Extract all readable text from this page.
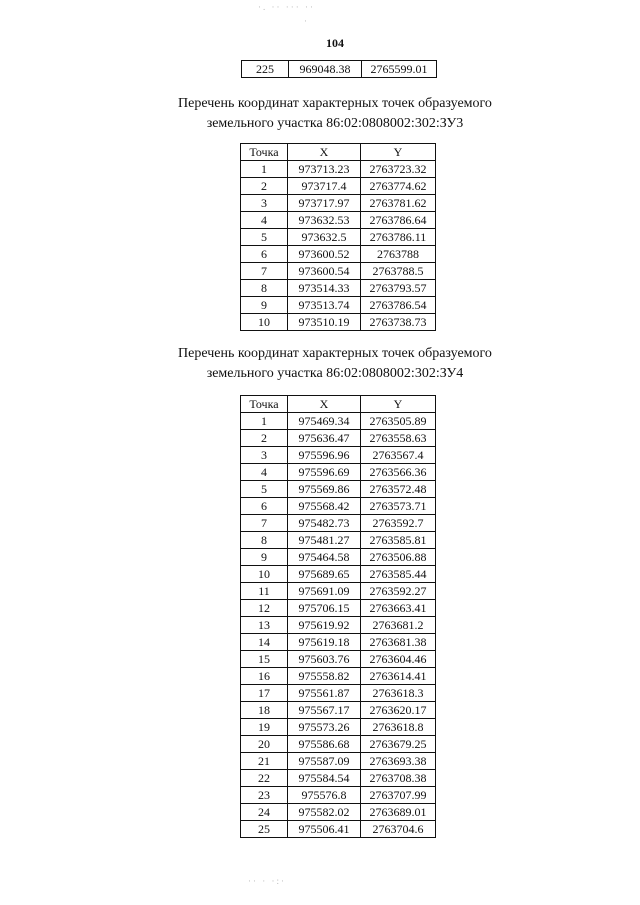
·. ·· ··· ··
·
104
225	969048.38	2765599.01
Перечень координат характерных точек образуемого
земельного участка 86:02:0808002:302:ЗУ3
Точка	X	Y
1	973713.23	2763723.32
2	973717.4	2763774.62
3	973717.97	2763781.62
4	973632.53	2763786.64
5	973632.5	2763786.11
6	973600.52	2763788
7	973600.54	2763788.5
8	973514.33	2763793.57
9	973513.74	2763786.54
10	973510.19	2763738.73
Перечень координат характерных точек образуемого
земельного участка 86:02:0808002:302:ЗУ4
Точка	X	Y
1	975469.34	2763505.89
2	975636.47	2763558.63
3	975596.96	2763567.4
4	975596.69	2763566.36
5	975569.86	2763572.48
6	975568.42	2763573.71
7	975482.73	2763592.7
8	975481.27	2763585.81
9	975464.58	2763506.88
10	975689.65	2763585.44
11	975691.09	2763592.27
12	975706.15	2763663.41
13	975619.92	2763681.2
14	975619.18	2763681.38
15	975603.76	2763604.46
16	975558.82	2763614.41
17	975561.87	2763618.3
18	975567.17	2763620.17
19	975573.26	2763618.8
20	975586.68	2763679.25
21	975587.09	2763693.38
22	975584.54	2763708.38
23	975576.8	2763707.99
24	975582.02	2763689.01
25	975506.41	2763704.6
·· · ·:·
